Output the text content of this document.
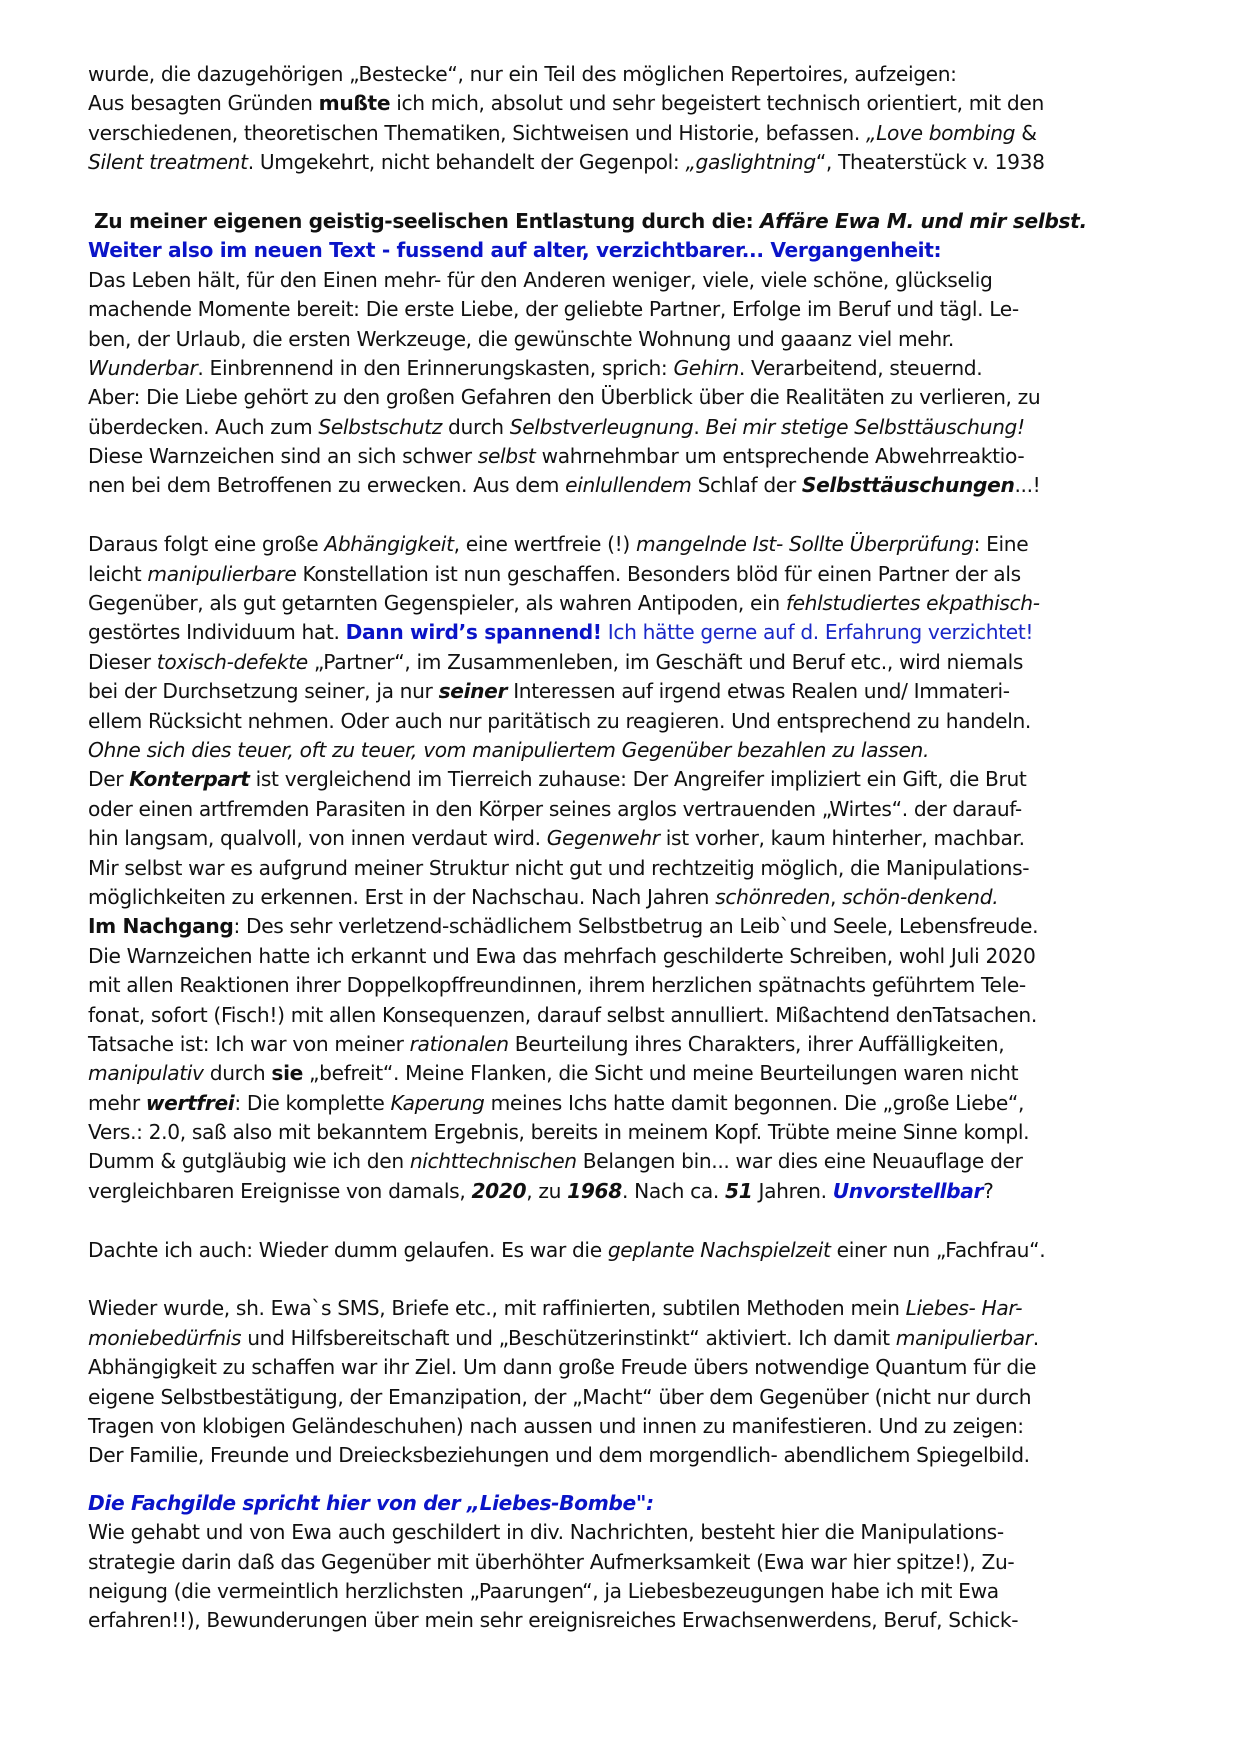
wurde, die dazugehörigen „Bestecke“, nur ein Teil des möglichen Repertoires, aufzeigen:
Aus besagten Gründen mußte ich mich, absolut und sehr begeistert technisch orientiert, mit den
verschiedenen, theoretischen Thematiken, Sichtweisen und Historie, befassen. „Love bombing &
Silent treatment. Umgekehrt, nicht behandelt der Gegenpol: „gaslightning“, Theaterstück v. 1938
Zu meiner eigenen geistig-seelischen Entlastung durch die: Affäre Ewa M. und mir selbst.
Weiter also im neuen Text - fussend auf alter, verzichtbarer... Vergangenheit:
Das Leben hält, für den Einen mehr- für den Anderen weniger, viele, viele schöne, glückselig
machende Momente bereit: Die erste Liebe, der geliebte Partner, Erfolge im Beruf und tägl. Le-
ben, der Urlaub, die ersten Werkzeuge, die gewünschte Wohnung und gaaanz viel mehr.
Wunderbar. Einbrennend in den Erinnerungskasten, sprich: Gehirn. Verarbeitend, steuernd.
Aber: Die Liebe gehört zu den großen Gefahren den Überblick über die Realitäten zu verlieren, zu
überdecken. Auch zum Selbstschutz durch Selbstverleugnung. Bei mir stetige Selbsttäuschung!
Diese Warnzeichen sind an sich schwer selbst wahrnehmbar um entsprechende Abwehrreaktio-
nen bei dem Betroffenen zu erwecken. Aus dem einlullendem Schlaf der Selbsttäuschungen...!
Daraus folgt eine große Abhängigkeit, eine wertfreie (!) mangelnde Ist- Sollte Überprüfung: Eine
leicht manipulierbare Konstellation ist nun geschaffen. Besonders blöd für einen Partner der als
Gegenüber, als gut getarnten Gegenspieler, als wahren Antipoden, ein fehlstudiertes ekpathisch-
gestörtes Individuum hat. Dann wird’s spannend! Ich hätte gerne auf d. Erfahrung verzichtet!
Dieser toxisch-defekte „Partner“, im Zusammenleben, im Geschäft und Beruf etc., wird niemals
bei der Durchsetzung seiner, ja nur seiner Interessen auf irgend etwas Realen und/ Immateri-
ellem Rücksicht nehmen. Oder auch nur paritätisch zu reagieren. Und entsprechend zu handeln.
Ohne sich dies teuer, oft zu teuer, vom manipuliertem Gegenüber bezahlen zu lassen.
Der Konterpart ist vergleichend im Tierreich zuhause: Der Angreifer impliziert ein Gift, die Brut
oder einen artfremden Parasiten in den Körper seines arglos vertrauenden „Wirtes“. der darauf-
hin langsam, qualvoll, von innen verdaut wird. Gegenwehr ist vorher, kaum hinterher, machbar.
Mir selbst war es aufgrund meiner Struktur nicht gut und rechtzeitig möglich, die Manipulations-
möglichkeiten zu erkennen. Erst in der Nachschau. Nach Jahren schönreden, schön-denkend.
Im Nachgang: Des sehr verletzend-schädlichem Selbstbetrug an Leib`und Seele, Lebensfreude.
Die Warnzeichen hatte ich erkannt und Ewa das mehrfach geschilderte Schreiben, wohl Juli 2020
mit allen Reaktionen ihrer Doppelkopffreundinnen, ihrem herzlichen spätnachts geführtem Tele-
fonat, sofort (Fisch!) mit allen Konsequenzen, darauf selbst annulliert. Mißachtend denTatsachen.
Tatsache ist: Ich war von meiner rationalen Beurteilung ihres Charakters, ihrer Auffälligkeiten,
manipulativ durch sie „befreit“. Meine Flanken, die Sicht und meine Beurteilungen waren nicht
mehr wertfrei: Die komplette Kaperung meines Ichs hatte damit begonnen. Die „große Liebe“,
Vers.: 2.0, saß also mit bekanntem Ergebnis, bereits in meinem Kopf. Trübte meine Sinne kompl.
Dumm & gutgläubig wie ich den nichttechnischen Belangen bin... war dies eine Neuauflage der
vergleichbaren Ereignisse von damals, 2020, zu 1968. Nach ca. 51 Jahren. Unvorstellbar?
Dachte ich auch: Wieder dumm gelaufen. Es war die geplante Nachspielzeit einer nun „Fachfrau“.
Wieder wurde, sh. Ewa`s SMS, Briefe etc., mit raffinierten, subtilen Methoden mein Liebes- Har-
moniebedürfnis und Hilfsbereitschaft und „Beschützerinstinkt“ aktiviert. Ich damit manipulierbar.
Abhängigkeit zu schaffen war ihr Ziel. Um dann große Freude übers notwendige Quantum für die
eigene Selbstbestätigung, der Emanzipation, der „Macht“ über dem Gegenüber (nicht nur durch
Tragen von klobigen Geländeschuhen) nach aussen und innen zu manifestieren. Und zu zeigen:
Der Familie, Freunde und Dreiecksbeziehungen und dem morgendlich- abendlichem Spiegelbild.
Die Fachgilde spricht hier von der „Liebes-Bombe":
Wie gehabt und von Ewa auch geschildert in div. Nachrichten, besteht hier die Manipulations-
strategie darin daß das Gegenüber mit überhöhter Aufmerksamkeit (Ewa war hier spitze!), Zu-
neigung (die vermeintlich herzlichsten „Paarungen“, ja Liebesbezeugungen habe ich mit Ewa
erfahren!!), Bewunderungen über mein sehr ereignisreiches Erwachsenwerdens, Beruf, Schick-
